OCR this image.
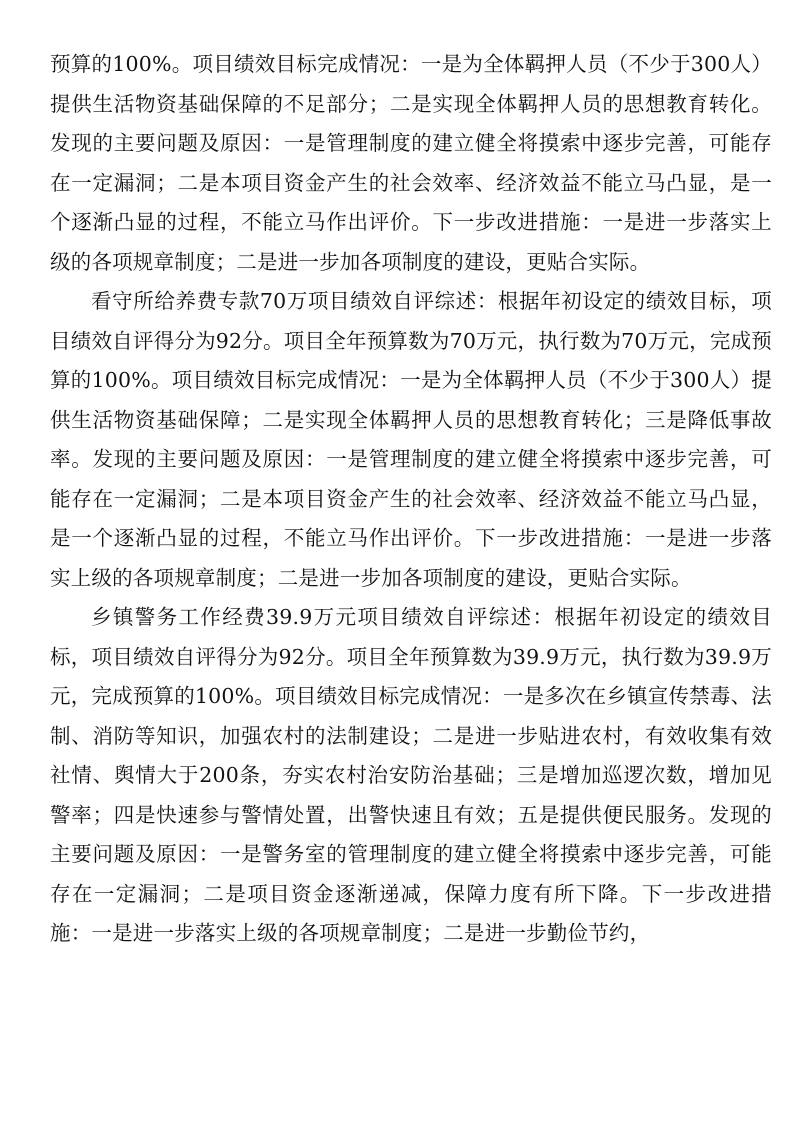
预算的100%。项目绩效目标完成情况：一是为全体羁押人员（不少于300人）提供生活物资基础保障的不足部分；二是实现全体羁押人员的思想教育转化。发现的主要问题及原因：一是管理制度的建立健全将摸索中逐步完善，可能存在一定漏洞；二是本项目资金产生的社会效率、经济效益不能立马凸显，是一个逐渐凸显的过程，不能立马作出评价。下一步改进措施：一是进一步落实上级的各项规章制度；二是进一步加各项制度的建设，更贴合实际。

看守所给养费专款70万项目绩效自评综述：根据年初设定的绩效目标，项目绩效自评得分为92分。项目全年预算数为70万元，执行数为70万元，完成预算的100%。项目绩效目标完成情况：一是为全体羁押人员（不少于300人）提供生活物资基础保障；二是实现全体羁押人员的思想教育转化；三是降低事故率。发现的主要问题及原因：一是管理制度的建立健全将摸索中逐步完善，可能存在一定漏洞；二是本项目资金产生的社会效率、经济效益不能立马凸显，是一个逐渐凸显的过程，不能立马作出评价。下一步改进措施：一是进一步落实上级的各项规章制度；二是进一步加各项制度的建设，更贴合实际。

乡镇警务工作经费39.9万元项目绩效自评综述：根据年初设定的绩效目标，项目绩效自评得分为92分。项目全年预算数为39.9万元，执行数为39.9万元，完成预算的100%。项目绩效目标完成情况：一是多次在乡镇宣传禁毒、法制、消防等知识，加强农村的法制建设；二是进一步贴进农村，有效收集有效社情、舆情大于200条，夯实农村治安防治基础；三是增加巡逻次数，增加见警率；四是快速参与警情处置，出警快速且有效；五是提供便民服务。发现的主要问题及原因：一是警务室的管理制度的建立健全将摸索中逐步完善，可能存在一定漏洞；二是项目资金逐渐递减，保障力度有所下降。下一步改进措施：一是进一步落实上级的各项规章制度；二是进一步勤俭节约，
